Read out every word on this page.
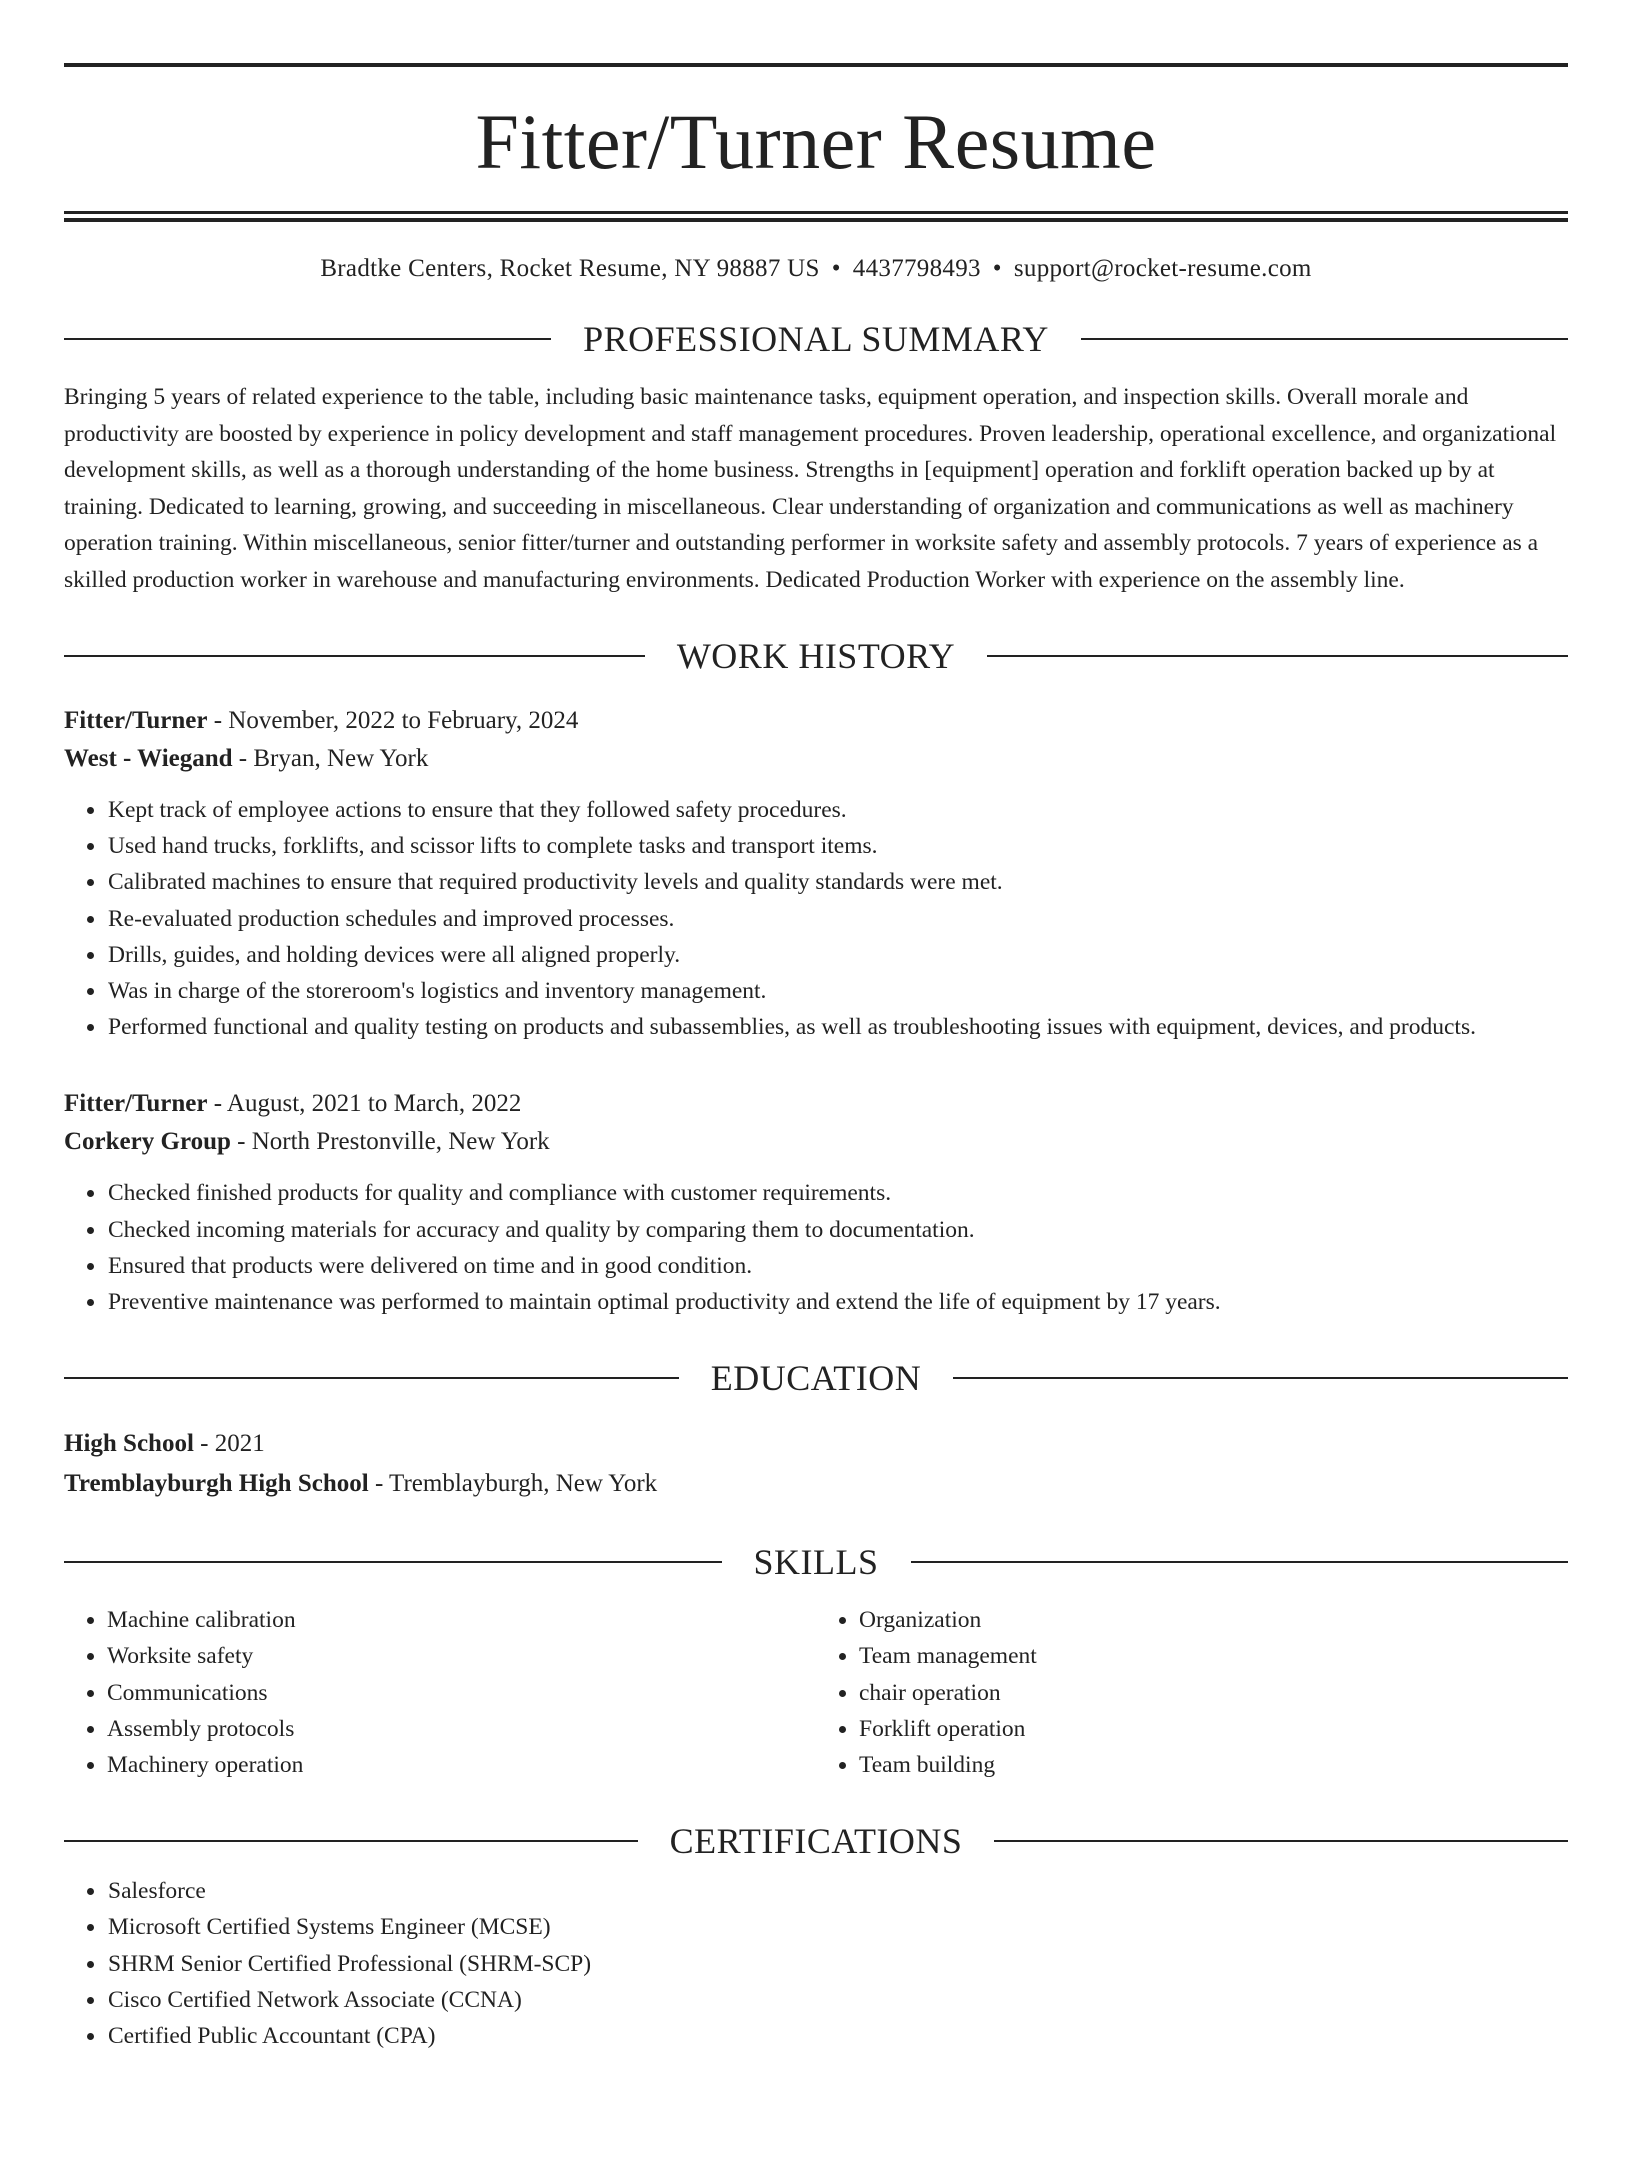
Fitter/Turner Resume
Bradtke Centers, Rocket Resume, NY 98887 US • 4437798493 • support@rocket-resume.com
PROFESSIONAL SUMMARY
Bringing 5 years of related experience to the table, including basic maintenance tasks, equipment operation, and inspection skills. Overall morale and productivity are boosted by experience in policy development and staff management procedures. Proven leadership, operational excellence, and organizational development skills, as well as a thorough understanding of the home business. Strengths in [equipment] operation and forklift operation backed up by at training. Dedicated to learning, growing, and succeeding in miscellaneous. Clear understanding of organization and communications as well as machinery operation training. Within miscellaneous, senior fitter/turner and outstanding performer in worksite safety and assembly protocols. 7 years of experience as a skilled production worker in warehouse and manufacturing environments. Dedicated Production Worker with experience on the assembly line.
WORK HISTORY
Fitter/Turner - November, 2022 to February, 2024
West - Wiegand - Bryan, New York
• Kept track of employee actions to ensure that they followed safety procedures.
• Used hand trucks, forklifts, and scissor lifts to complete tasks and transport items.
• Calibrated machines to ensure that required productivity levels and quality standards were met.
• Re-evaluated production schedules and improved processes.
• Drills, guides, and holding devices were all aligned properly.
• Was in charge of the storeroom's logistics and inventory management.
• Performed functional and quality testing on products and subassemblies, as well as troubleshooting issues with equipment, devices, and products.
Fitter/Turner - August, 2021 to March, 2022
Corkery Group - North Prestonville, New York
• Checked finished products for quality and compliance with customer requirements.
• Checked incoming materials for accuracy and quality by comparing them to documentation.
• Ensured that products were delivered on time and in good condition.
• Preventive maintenance was performed to maintain optimal productivity and extend the life of equipment by 17 years.
EDUCATION
High School - 2021
Tremblayburgh High School - Tremblayburgh, New York
SKILLS
• Machine calibration
• Worksite safety
• Communications
• Assembly protocols
• Machinery operation
• Organization
• Team management
• chair operation
• Forklift operation
• Team building
CERTIFICATIONS
• Salesforce
• Microsoft Certified Systems Engineer (MCSE)
• SHRM Senior Certified Professional (SHRM-SCP)
• Cisco Certified Network Associate (CCNA)
• Certified Public Accountant (CPA)
